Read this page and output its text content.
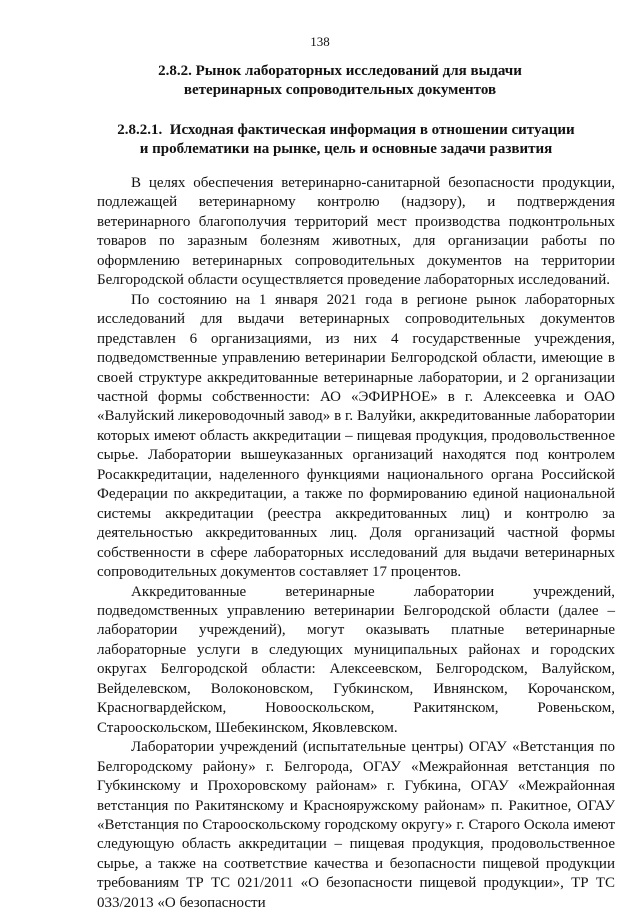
138
2.8.2. Рынок лабораторных исследований для выдачи
ветеринарных сопроводительных документов
2.8.2.1.  Исходная фактическая информация в отношении ситуации
и проблематики на рынке, цель и основные задачи развития

В целях обеспечения ветеринарно-санитарной безопасности продукции, подлежащей ветеринарному контролю (надзору), и подтверждения ветеринарного благополучия территорий мест производства подконтрольных товаров по заразным болезням животных, для организации работы по оформлению ветеринарных сопроводительных документов на территории Белгородской области осуществляется проведение лабораторных исследований.

По состоянию на 1 января 2021 года в регионе рынок лабораторных исследований для выдачи ветеринарных сопроводительных документов представлен 6 организациями, из них 4 государственные учреждения, подведомственные управлению ветеринарии Белгородской области, имеющие в своей структуре аккредитованные ветеринарные лаборатории, и 2 организации частной формы собственности: АО «ЭФИРНОЕ» в г. Алексеевка и ОАО «Валуйский ликероводочный завод» в г. Валуйки, аккредитованные лаборатории которых имеют область аккредитации – пищевая продукция, продовольственное сырье. Лаборатории вышеуказанных организаций находятся под контролем Росаккредитации, наделенного функциями национального органа Российской Федерации по аккредитации, а также по формированию единой национальной системы аккредитации (реестра аккредитованных лиц) и контролю за деятельностью аккредитованных лиц. Доля организаций частной формы собственности в сфере лабораторных исследований для выдачи ветеринарных сопроводительных документов составляет 17 процентов.

Аккредитованные ветеринарные лаборатории учреждений, подведомственных управлению ветеринарии Белгородской области (далее – лаборатории учреждений), могут оказывать платные ветеринарные лабораторные услуги в следующих муниципальных районах и городских округах Белгородской области: Алексеевском, Белгородском, Валуйском, Вейделевском, Волоконовском, Губкинском, Ивнянском, Корочанском, Красногвардейском, Новооскольском, Ракитянском, Ровеньском, Старооскольском, Шебекинском, Яковлевском.

Лаборатории учреждений (испытательные центры) ОГАУ «Ветстанция по Белгородскому району» г. Белгорода, ОГАУ «Межрайонная ветстанция по Губкинскому и Прохоровскому районам» г. Губкина, ОГАУ «Межрайонная ветстанция по Ракитянскому и Краснояружскому районам» п. Ракитное, ОГАУ «Ветстанция по Старооскольскому городскому округу» г. Старого Оскола имеют следующую область аккредитации – пищевая продукция, продовольственное сырье, а также на соответствие качества и безопасности пищевой продукции требованиям ТР ТС 021/2011 «О безопасности пищевой продукции», ТР ТС 033/2013 «О безопасности
